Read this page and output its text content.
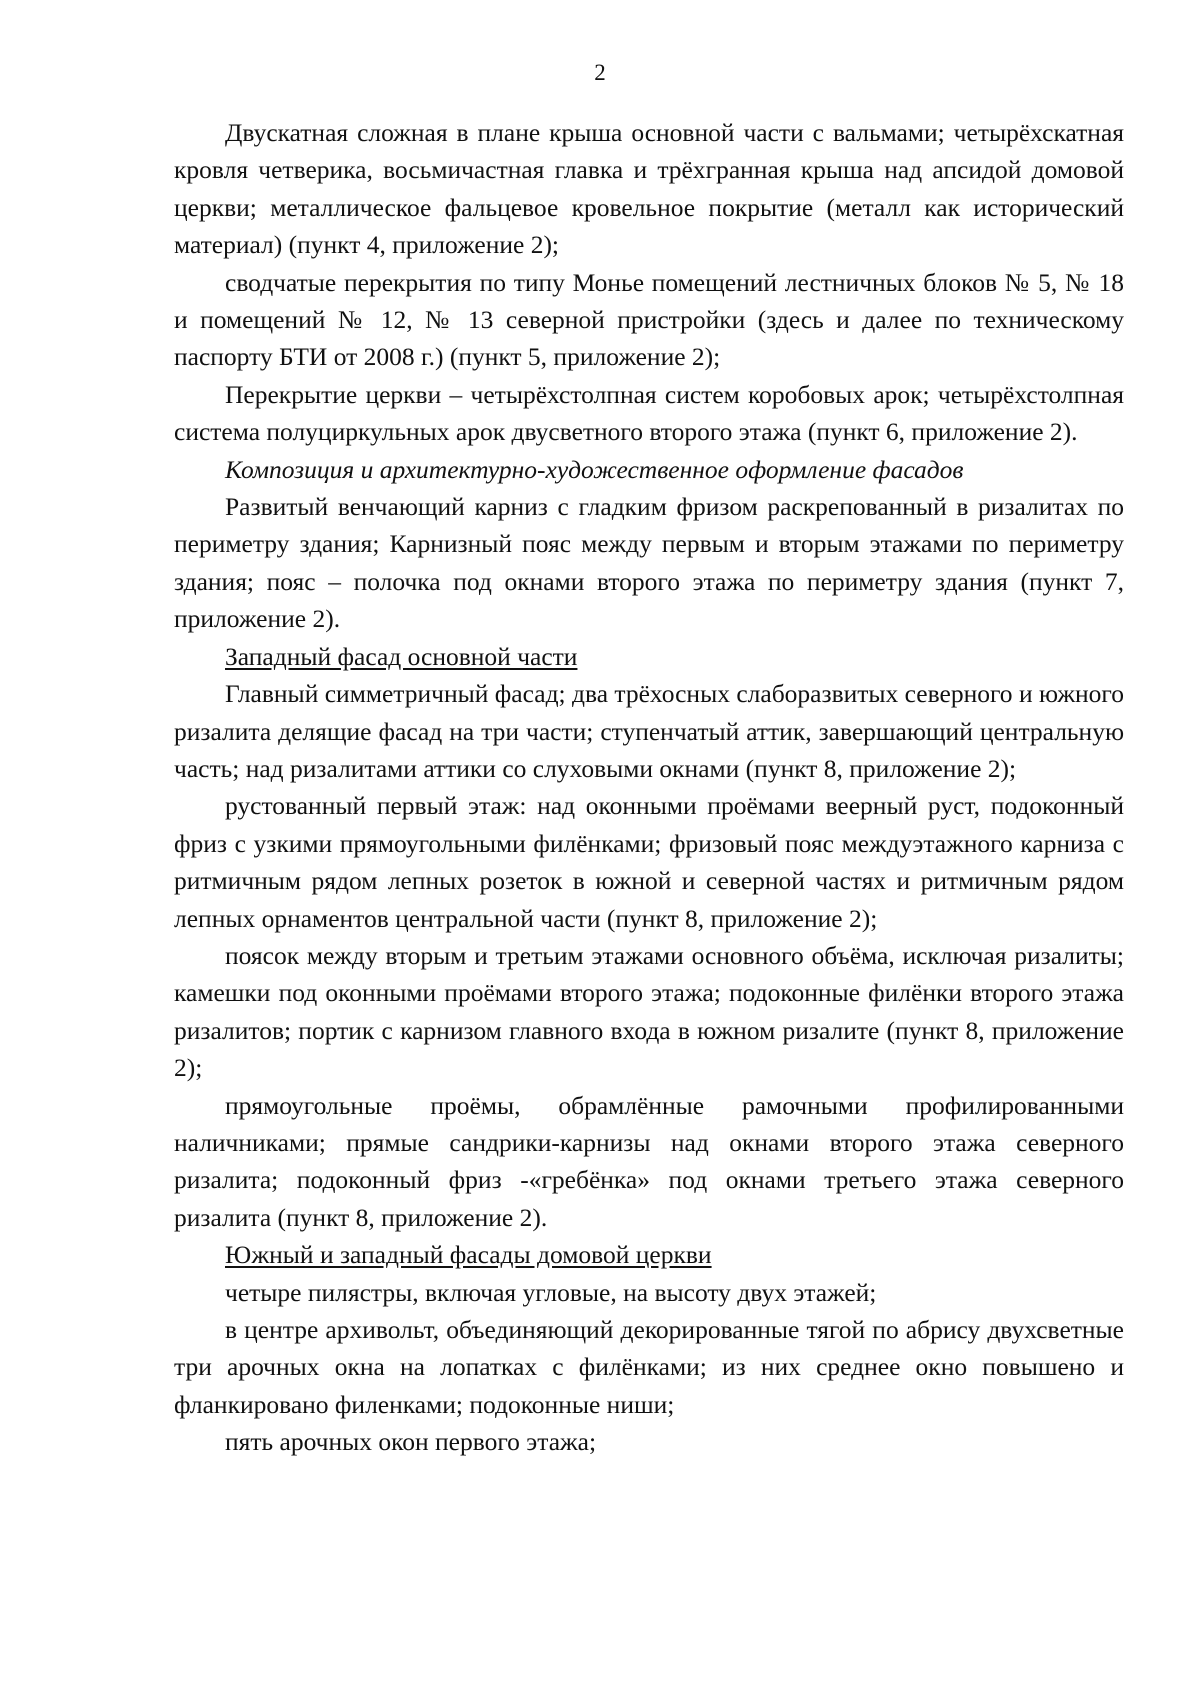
2

Двускатная сложная в плане крыша основной части с вальмами; четырёхскатная кровля четверика, восьмичастная главка и трёхгранная крыша над апсидой домовой церкви; металлическое фальцевое кровельное покрытие (металл как исторический материал) (пункт 4, приложение 2);

сводчатые перекрытия по типу Монье помещений лестничных блоков № 5, № 18 и помещений № 12, № 13 северной пристройки (здесь и далее по техническому паспорту БТИ от 2008 г.) (пункт 5, приложение 2);

Перекрытие церкви – четырёхстолпная систем коробовых арок; четырёхстолпная система полуциркульных арок двусветного второго этажа (пункт 6, приложение 2).

Композиция и архитектурно-художественное оформление фасадов

Развитый венчающий карниз с гладким фризом раскрепованный в ризалитах по периметру здания; Карнизный пояс между первым и вторым этажами по периметру здания; пояс – полочка под окнами второго этажа по периметру здания (пункт 7, приложение 2).

Западный фасад основной части

Главный симметричный фасад; два трёхосных слаборазвитых северного и южного ризалита делящие фасад на три части; ступенчатый аттик, завершающий центральную часть; над ризалитами аттики со слуховыми окнами (пункт 8, приложение 2);

рустованный первый этаж: над оконными проёмами веерный руст, подоконный фриз с узкими прямоугольными филёнками; фризовый пояс междуэтажного карниза с ритмичным рядом лепных розеток в южной и северной частях и ритмичным рядом лепных орнаментов центральной части (пункт 8, приложение 2);

поясок между вторым и третьим этажами основного объёма, исключая ризалиты; камешки под оконными проёмами второго этажа; подоконные филёнки второго этажа ризалитов; портик с карнизом главного входа в южном ризалите (пункт 8, приложение 2);

прямоугольные проёмы, обрамлённые рамочными профилированными наличниками; прямые сандрики-карнизы над окнами второго этажа северного ризалита; подоконный фриз -«гребёнка» под окнами третьего этажа северного ризалита (пункт 8, приложение 2).

Южный и западный фасады домовой церкви

четыре пилястры, включая угловые, на высоту двух этажей;

в центре архивольт, объединяющий декорированные тягой по абрису двухсветные три арочных окна на лопатках с филёнками; из них среднее окно повышено и фланкировано филенками; подоконные ниши;

пять арочных окон первого этажа;
